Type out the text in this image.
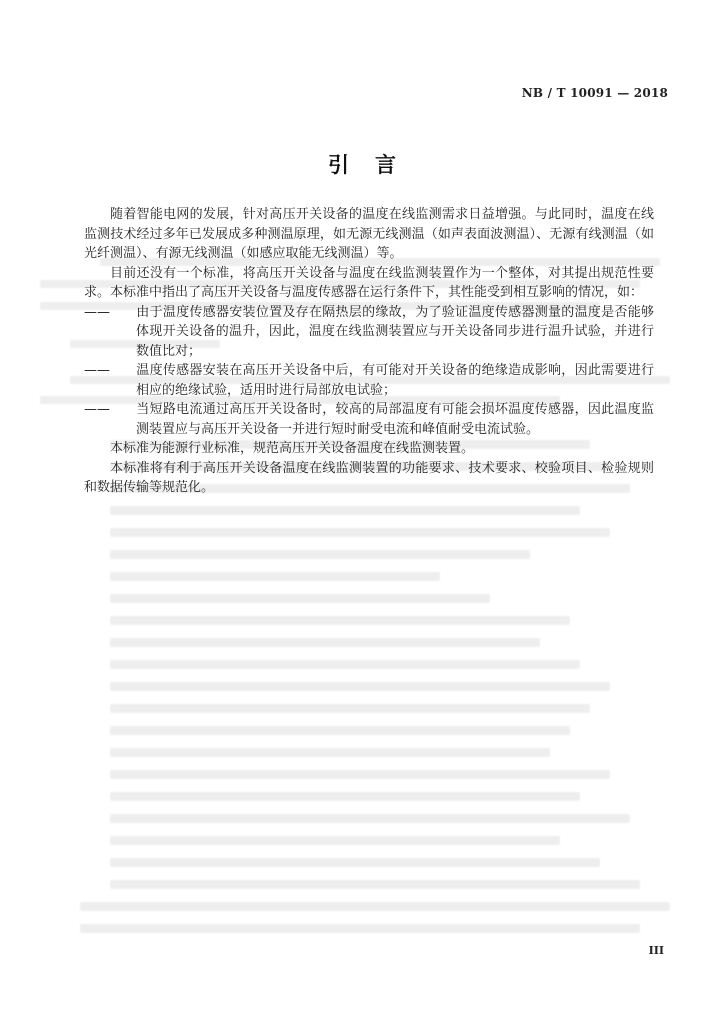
NB / T 10091 — 2018
引言

随着智能电网的发展，针对高压开关设备的温度在线监测需求日益增强。与此同时，温度在线监测技术经过多年已发展成多种测温原理，如无源无线测温（如声表面波测温）、无源有线测温（如光纤测温）、有源无线测温（如感应取能无线测温）等。

目前还没有一个标准，将高压开关设备与温度在线监测装置作为一个整体，对其提出规范性要求。本标准中指出了高压开关设备与温度传感器在运行条件下，其性能受到相互影响的情况，如：

—— 由于温度传感器安装位置及存在隔热层的缘故，为了验证温度传感器测量的温度是否能够体现开关设备的温升，因此，温度在线监测装置应与开关设备同步进行温升试验，并进行数值比对；

—— 温度传感器安装在高压开关设备中后，有可能对开关设备的绝缘造成影响，因此需要进行相应的绝缘试验，适用时进行局部放电试验；

—— 当短路电流通过高压开关设备时，较高的局部温度有可能会损坏温度传感器，因此温度监测装置应与高压开关设备一并进行短时耐受电流和峰值耐受电流试验。

本标准为能源行业标准，规范高压开关设备温度在线监测装置。

本标准将有利于高压开关设备温度在线监测装置的功能要求、技术要求、校验项目、检验规则和数据传输等规范化。

III
